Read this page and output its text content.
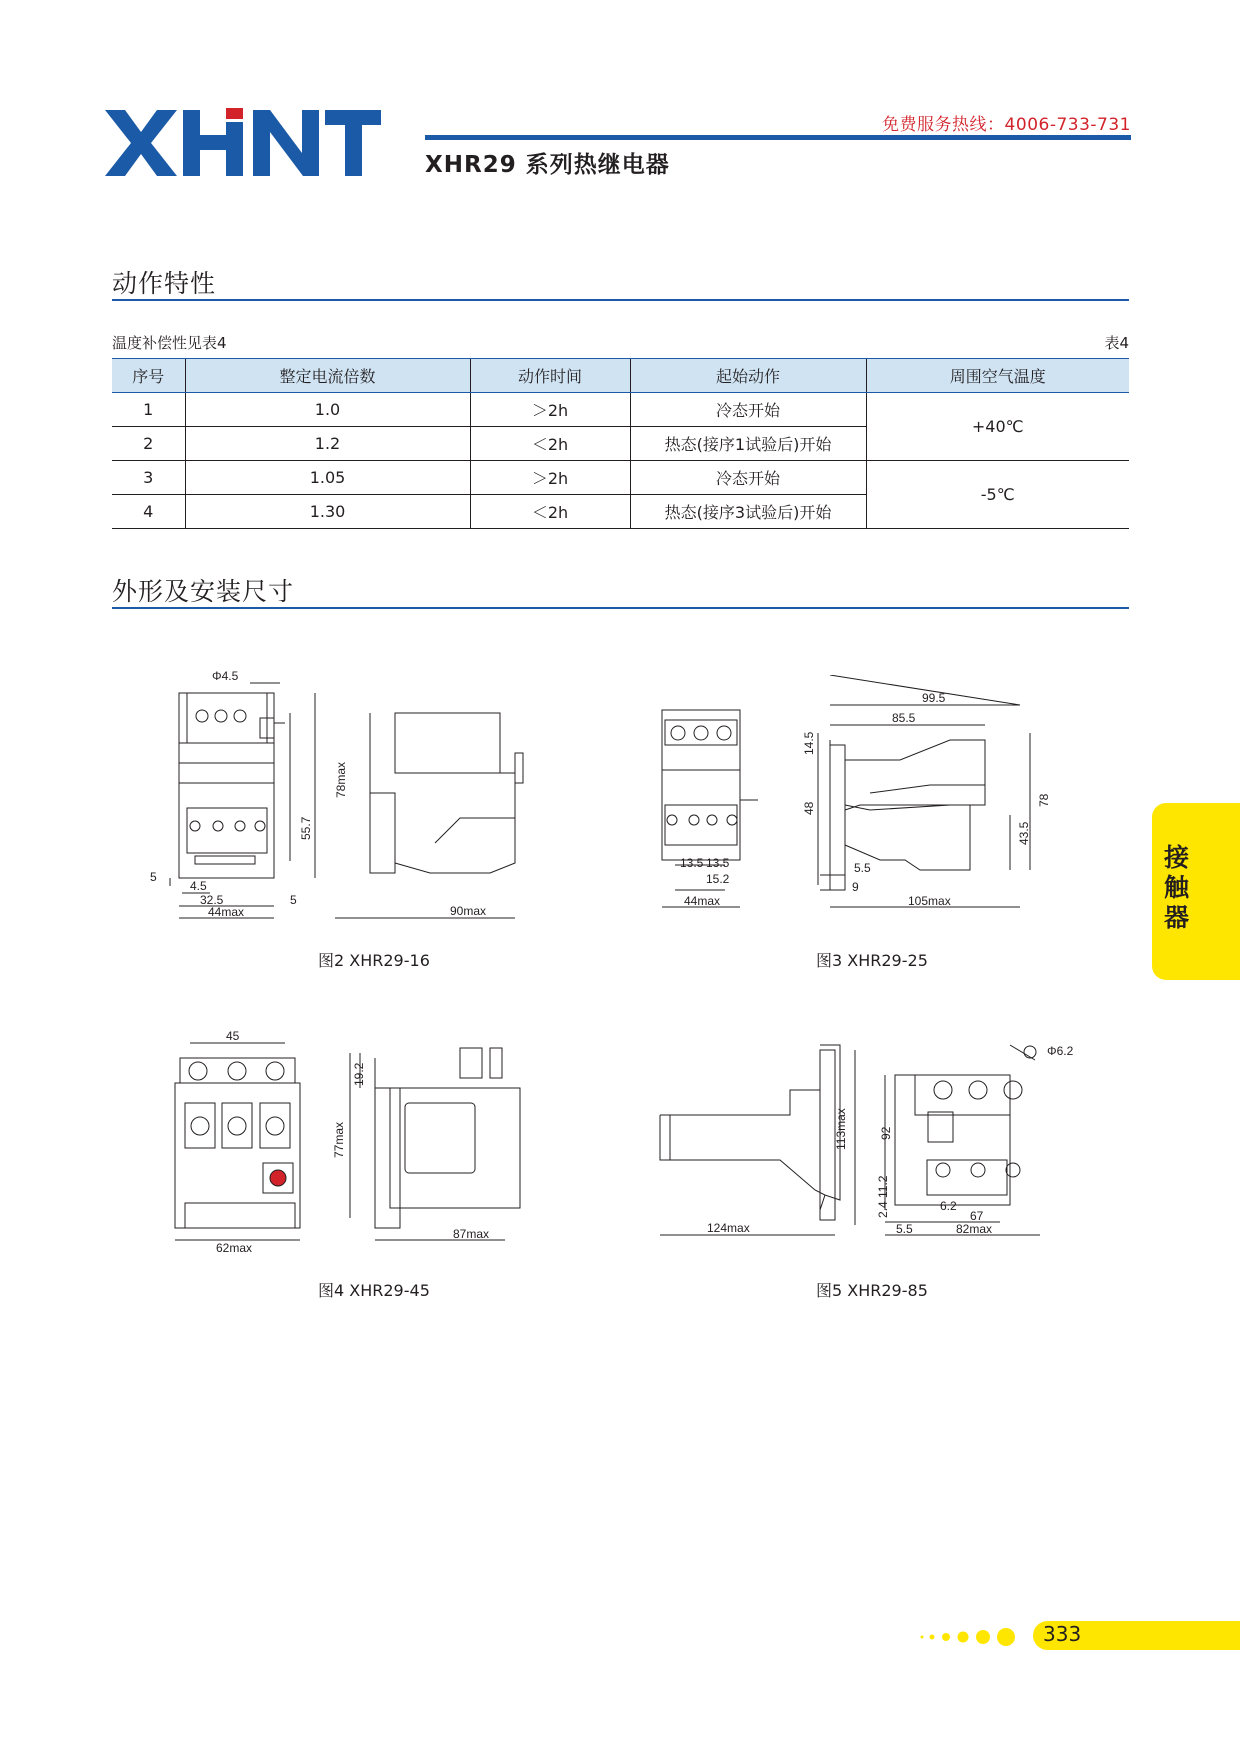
免费服务热线：4006-733-731
XHR29 系列热继电器
动作特性
温度补偿性见表4	表4
序号	整定电流倍数	动作时间	起始动作	周围空气温度
1	1.0	＞2h	冷态开始	+40℃
2	1.2	＜2h	热态(接序1试验后)开始	
3	1.05	＞2h	冷态开始	-5℃
4	1.30	＜2h	热态(接序3试验后)开始	
外形及安装尺寸
Φ4.5
55.7
5
4.5
32.5	5
44max
78max
90max
图2 XHR29-16
13.5 13.5
15.2
44max
99.5
85.5
14.5
48
78
43.5
5.5
9
105max
图3 XHR29-25
45
62max
19.2
77max
87max
图4 XHR29-45
113max
124max
Φ6.2
92
2.4
11.2
6.2
67
5.5	82max
图5 XHR29-85
接触器
333
